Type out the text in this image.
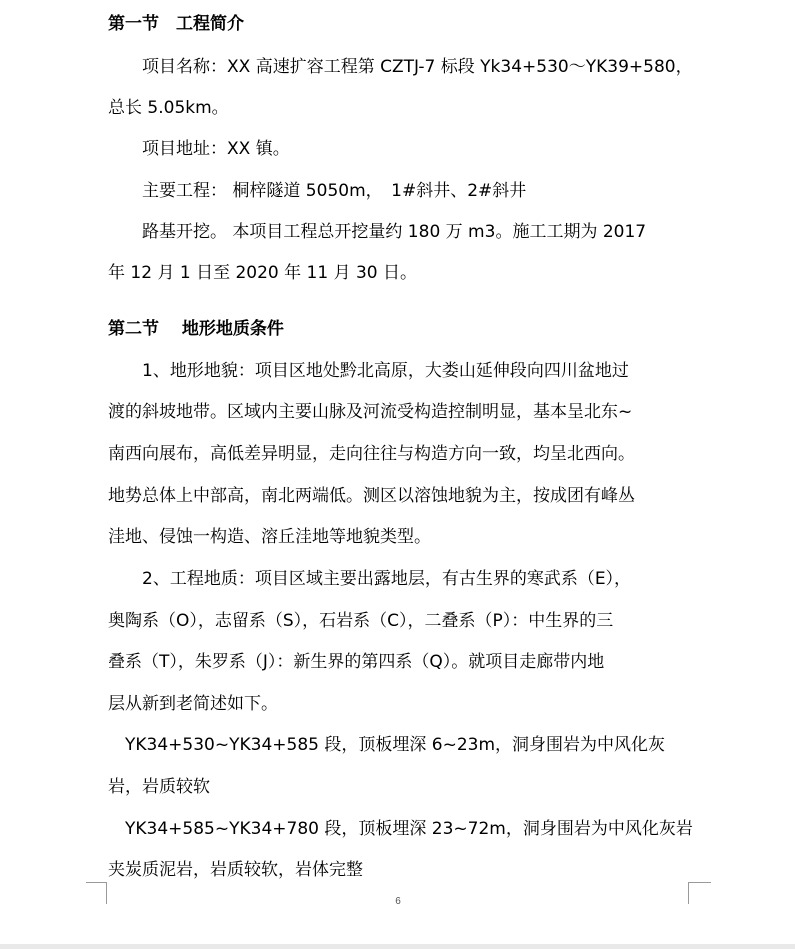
第一节　工程简介
　　项目名称：XX 高速扩容工程第 CZTJ-7 标段 Yk34+530～YK39+580，
总长 5.05km。
　　项目地址：XX 镇。
　　主要工程： 桐梓隧道 5050m，　1#斜井、2#斜井
　　路基开挖。 本项目工程总开挖量约 180 万 m3。施工工期为 2017
年 12 月 1 日至 2020 年 11 月 30 日。
第二节　 地形地质条件
　　1、地形地貌：项目区地处黔北高原，大娄山延伸段向四川盆地过
渡的斜坡地带。区域内主要山脉及河流受构造控制明显，基本呈北东~
南西向展布，高低差异明显，走向往往与构造方向一致，均呈北西向。
地势总体上中部高，南北两端低。测区以溶蚀地貌为主，按成团有峰丛
洼地、侵蚀一构造、溶丘洼地等地貌类型。
　　2、工程地质：项目区域主要出露地层，有古生界的寒武系（E），
奥陶系（O），志留系（S），石岩系（C），二叠系（P）：中生界的三
叠系（T），朱罗系（J）：新生界的第四系（Q）。就项目走廊带内地
层从新到老简述如下。
　YK34+530~YK34+585 段，顶板埋深 6~23m，洞身围岩为中风化灰
岩，岩质较软
　YK34+585~YK34+780 段，顶板埋深 23~72m，洞身围岩为中风化灰岩
夹炭质泥岩，岩质较软，岩体完整
6
